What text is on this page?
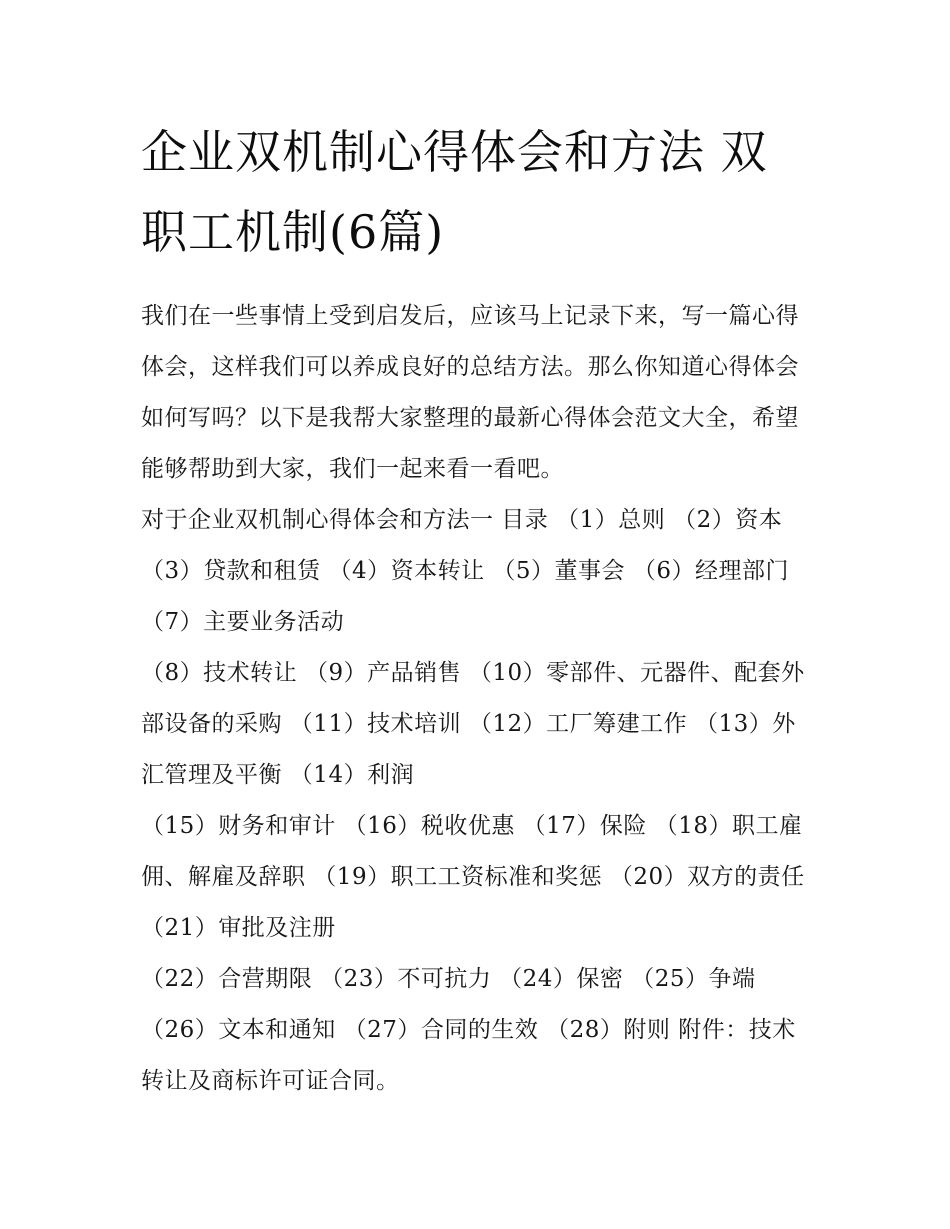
企业双机制心得体会和方法 双职工机制(6篇)

我们在一些事情上受到启发后，应该马上记录下来，写一篇心得体会，这样我们可以养成良好的总结方法。那么你知道心得体会如何写吗？以下是我帮大家整理的最新心得体会范文大全，希望能够帮助到大家，我们一起来看一看吧。

对于企业双机制心得体会和方法一 目录 （1）总则 （2）资本 （3）贷款和租赁 （4）资本转让 （5）董事会 （6）经理部门 （7）主要业务活动

（8）技术转让 （9）产品销售 （10）零部件、元器件、配套外部设备的采购 （11）技术培训 （12）工厂筹建工作 （13）外汇管理及平衡 （14）利润

（15）财务和审计 （16）税收优惠 （17）保险 （18）职工雇佣、解雇及辞职 （19）职工工资标准和奖惩 （20）双方的责任 （21）审批及注册

（22）合营期限 （23）不可抗力 （24）保密 （25）争端

（26）文本和通知 （27）合同的生效 （28）附则 附件：技术转让及商标许可证合同。
